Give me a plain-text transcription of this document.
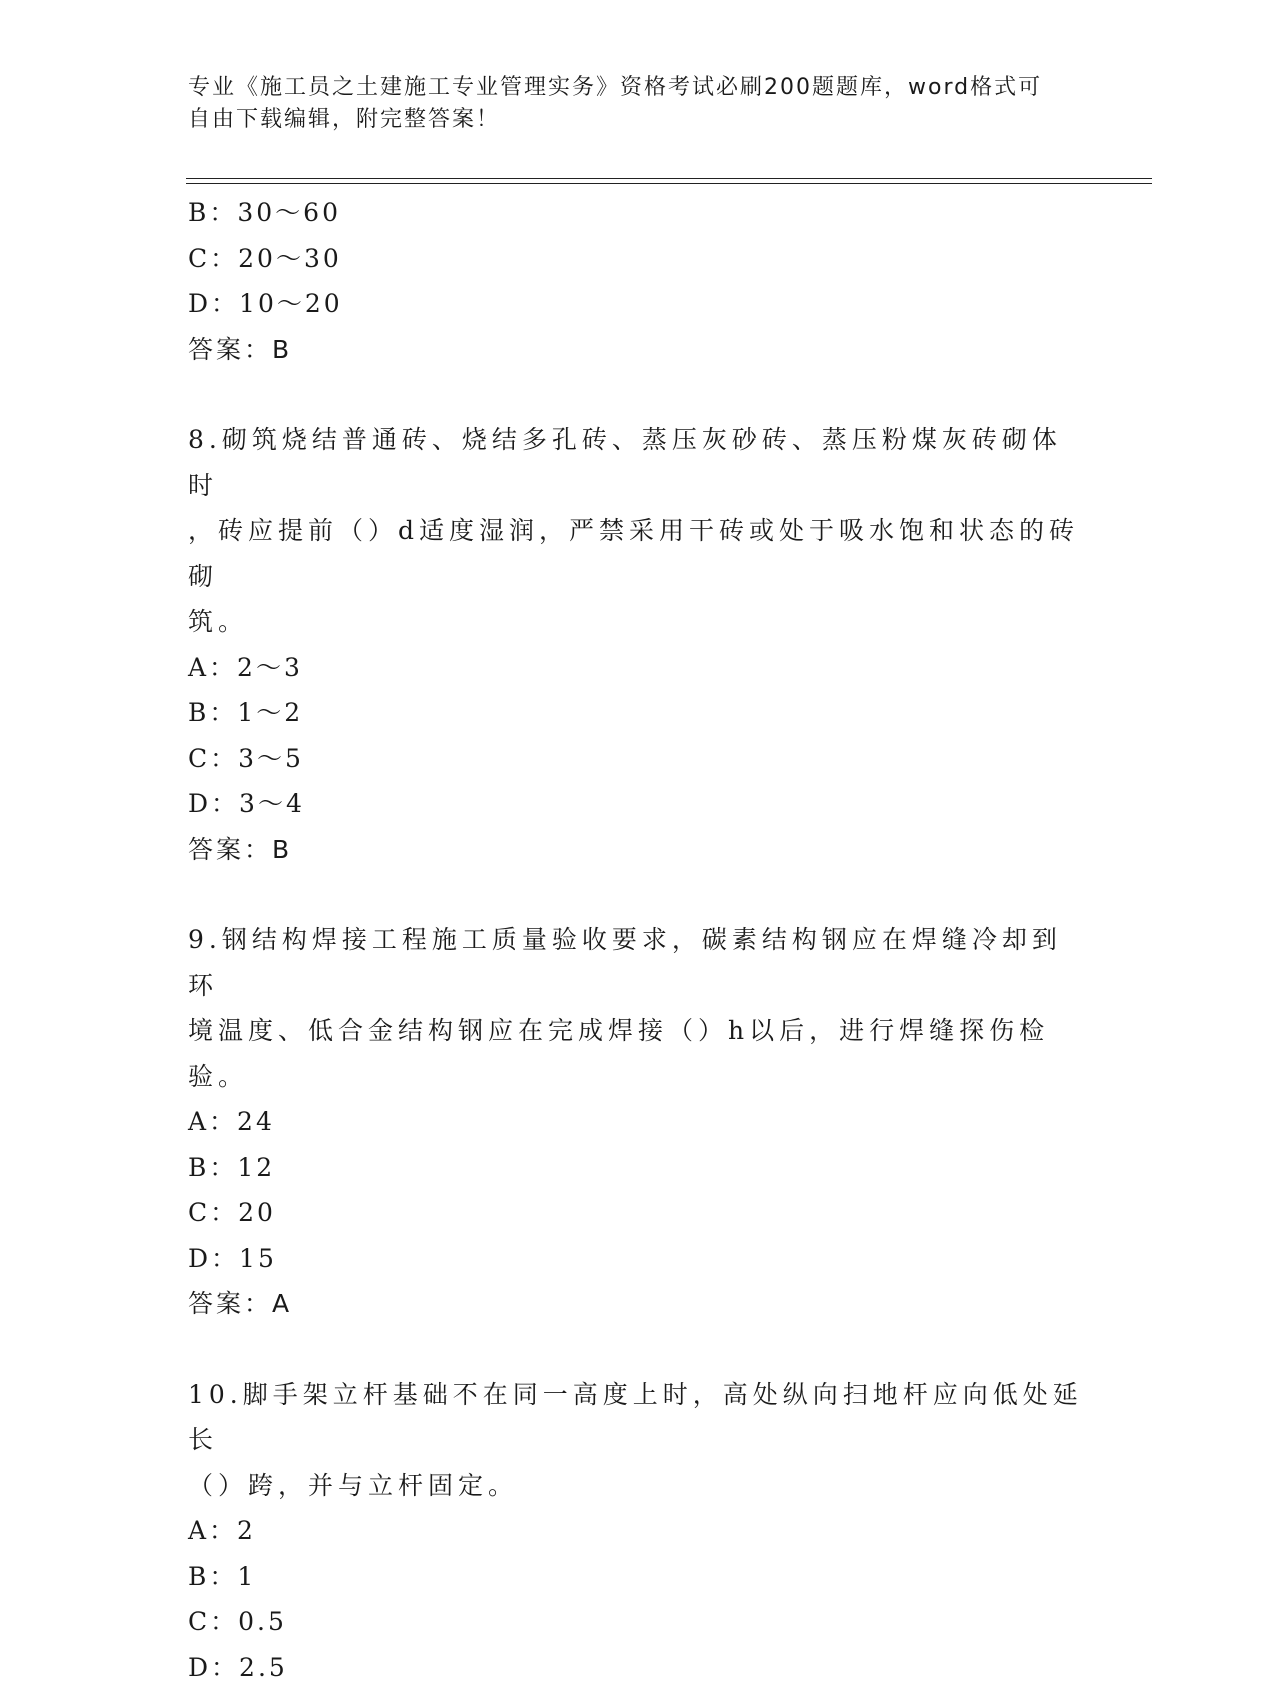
专业《施工员之土建施工专业管理实务》资格考试必刷200题题库，word格式可
自由下载编辑，附完整答案！
B：30～60
C：20～30
D：10～20
答案：B
8.砌筑烧结普通砖、烧结多孔砖、蒸压灰砂砖、蒸压粉煤灰砖砌体时
，砖应提前（）d适度湿润，严禁采用干砖或处于吸水饱和状态的砖砌
筑。
A：2～3
B：1～2
C：3～5
D：3～4
答案：B
9.钢结构焊接工程施工质量验收要求，碳素结构钢应在焊缝冷却到环
境温度、低合金结构钢应在完成焊接（）h以后，进行焊缝探伤检验。
A：24
B：12
C：20
D：15
答案：A
10.脚手架立杆基础不在同一高度上时，高处纵向扫地杆应向低处延长
（）跨，并与立杆固定。
A：2
B：1
C：0.5
D：2.5
